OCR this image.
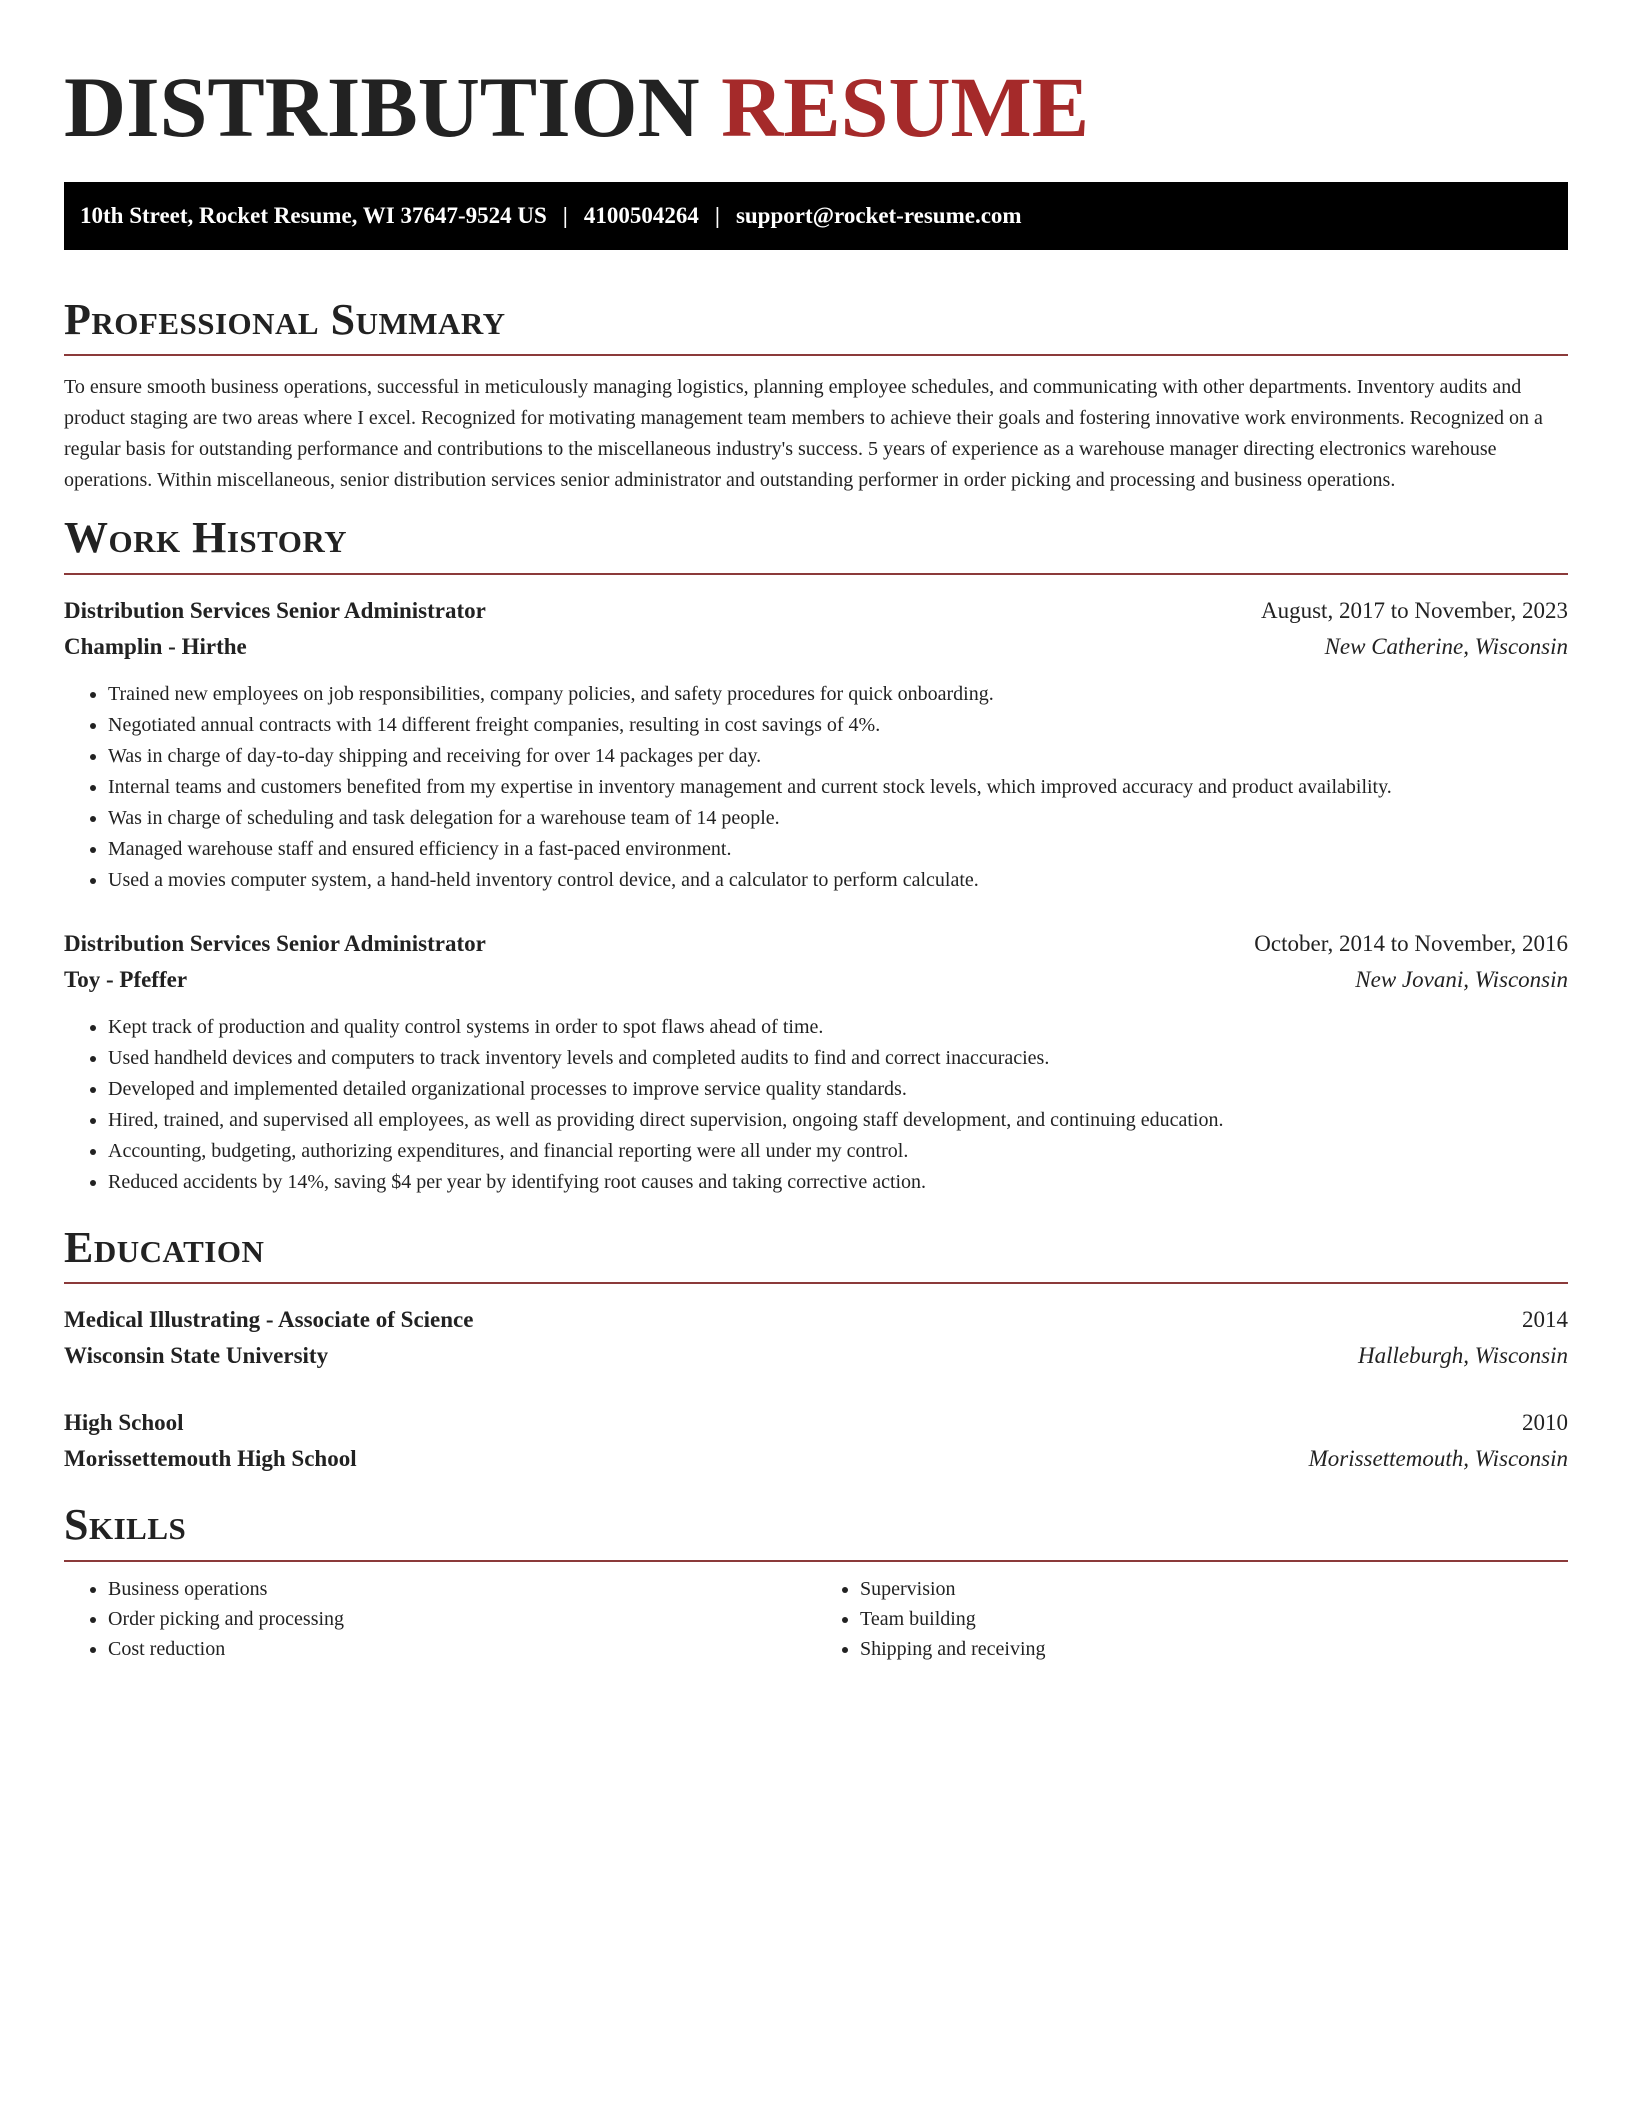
DISTRIBUTION RESUME
10th Street, Rocket Resume, WI 37647-9524 US | 4100504264 | support@rocket-resume.com
Professional Summary

To ensure smooth business operations, successful in meticulously managing logistics, planning employee schedules, and communicating with other departments. Inventory audits and product staging are two areas where I excel. Recognized for motivating management team members to achieve their goals and fostering innovative work environments. Recognized on a regular basis for outstanding performance and contributions to the miscellaneous industry's success. 5 years of experience as a warehouse manager directing electronics warehouse operations. Within miscellaneous, senior distribution services senior administrator and outstanding performer in order picking and processing and business operations.

Work History
Distribution Services Senior Administrator	August, 2017 to November, 2023
Champlin - Hirthe	New Catherine, Wisconsin
• Trained new employees on job responsibilities, company policies, and safety procedures for quick onboarding.
• Negotiated annual contracts with 14 different freight companies, resulting in cost savings of 4%.
• Was in charge of day-to-day shipping and receiving for over 14 packages per day.
• Internal teams and customers benefited from my expertise in inventory management and current stock levels, which improved accuracy and product availability.
• Was in charge of scheduling and task delegation for a warehouse team of 14 people.
• Managed warehouse staff and ensured efficiency in a fast-paced environment.
• Used a movies computer system, a hand-held inventory control device, and a calculator to perform calculate.
Distribution Services Senior Administrator	October, 2014 to November, 2016
Toy - Pfeffer	New Jovani, Wisconsin
• Kept track of production and quality control systems in order to spot flaws ahead of time.
• Used handheld devices and computers to track inventory levels and completed audits to find and correct inaccuracies.
• Developed and implemented detailed organizational processes to improve service quality standards.
• Hired, trained, and supervised all employees, as well as providing direct supervision, ongoing staff development, and continuing education.
• Accounting, budgeting, authorizing expenditures, and financial reporting were all under my control.
• Reduced accidents by 14%, saving $4 per year by identifying root causes and taking corrective action.
Education
Medical Illustrating - Associate of Science	2014
Wisconsin State University	Halleburgh, Wisconsin
High School	2010
Morissettemouth High School	Morissettemouth, Wisconsin
Skills
• Business operations
• Order picking and processing
• Cost reduction
• Supervision
• Team building
• Shipping and receiving
